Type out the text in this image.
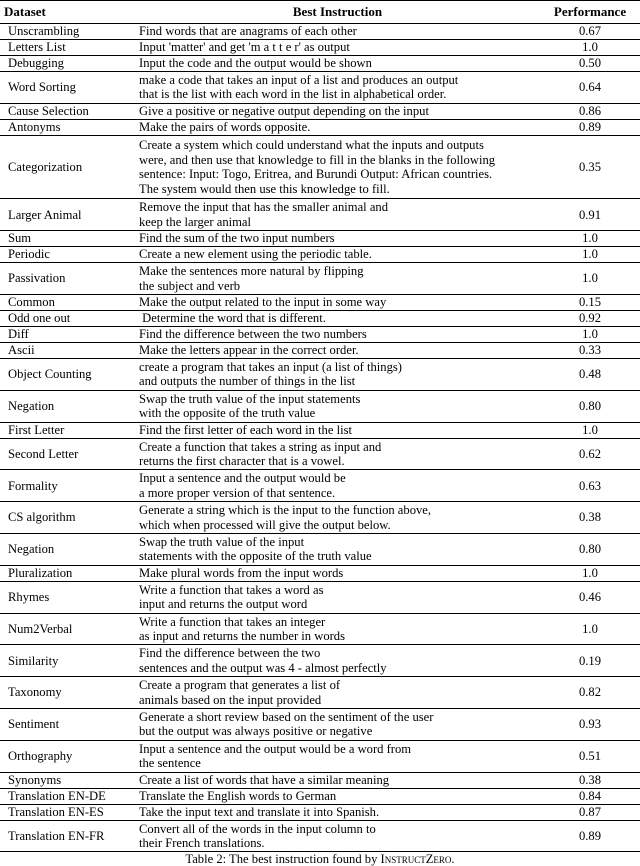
Dataset	Best Instruction	Performance
Unscrambling	Find words that are anagrams of each other	0.67
Letters List	Input 'matter' and get 'm a t t e r' as output	1.0
Debugging	Input the code and the output would be shown	0.50
Word Sorting	make a code that takes an input of a list and produces an output
that is the list with each word in the list in alphabetical order.	0.64
Cause Selection	Give a positive or negative output depending on the input	0.86
Antonyms	Make the pairs of words opposite.	0.89
Categorization	Create a system which could understand what the inputs and outputs
were, and then use that knowledge to fill in the blanks in the following
sentence: Input: Togo, Eritrea, and Burundi Output: African countries.
The system would then use this knowledge to fill.	0.35
Larger Animal	Remove the input that has the smaller animal and
keep the larger animal	0.91
Sum	Find the sum of the two input numbers	1.0
Periodic	Create a new element using the periodic table.	1.0
Passivation	Make the sentences more natural by flipping
the subject and verb	1.0
Common	Make the output related to the input in some way	0.15
Odd one out	Determine the word that is different.	0.92
Diff	Find the difference between the two numbers	1.0
Ascii	Make the letters appear in the correct order.	0.33
Object Counting	create a program that takes an input (a list of things)
and outputs the number of things in the list	0.48
Negation	Swap the truth value of the input statements
with the opposite of the truth value	0.80
First Letter	Find the first letter of each word in the list	1.0
Second Letter	Create a function that takes a string as input and
returns the first character that is a vowel.	0.62
Formality	Input a sentence and the output would be
a more proper version of that sentence.	0.63
CS algorithm	Generate a string which is the input to the function above,
which when processed will give the output below.	0.38
Negation	Swap the truth value of the input
statements with the opposite of the truth value	0.80
Pluralization	Make plural words from the input words	1.0
Rhymes	Write a function that takes a word as
input and returns the output word	0.46
Num2Verbal	Write a function that takes an integer
as input and returns the number in words	1.0
Similarity	Find the difference between the two
sentences and the output was 4 - almost perfectly	0.19
Taxonomy	Create a program that generates a list of
animals based on the input provided	0.82
Sentiment	Generate a short review based on the sentiment of the user
but the output was always positive or negative	0.93
Orthography	Input a sentence and the output would be a word from
the sentence	0.51
Synonyms	Create a list of words that have a similar meaning	0.38
Translation EN-DE	Translate the English words to German	0.84
Translation EN-ES	Take the input text and translate it into Spanish.	0.87
Translation EN-FR	Convert all of the words in the input column to
their French translations.	0.89
Table 2: The best instruction found by InstructZero.
